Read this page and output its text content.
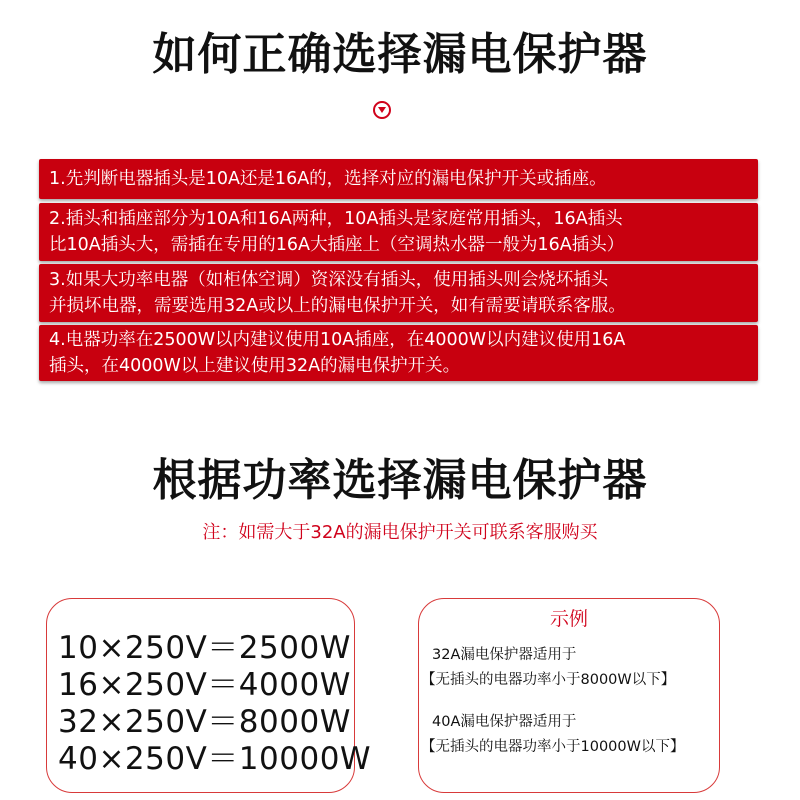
如何正确选择漏电保护器
1.先判断电器插头是10A还是16A的，选择对应的漏电保护开关或插座。
2.插头和插座部分为10A和16A两种，10A插头是家庭常用插头，16A插头
比10A插头大，需插在专用的16A大插座上（空调热水器一般为16A插头）
3.如果大功率电器（如柜体空调）资深没有插头，使用插头则会烧坏插头
并损坏电器，需要选用32A或以上的漏电保护开关，如有需要请联系客服。
4.电器功率在2500W以内建议使用10A插座，在4000W以内建议使用16A
插头，在4000W以上建议使用32A的漏电保护开关。
根据功率选择漏电保护器
注：如需大于32A的漏电保护开关可联系客服购买
10×250V＝2500W
16×250V＝4000W
32×250V＝8000W
40×250V＝10000W
示例
32A漏电保护器适用于
【无插头的电器功率小于8000W以下】
40A漏电保护器适用于
【无插头的电器功率小于10000W以下】
